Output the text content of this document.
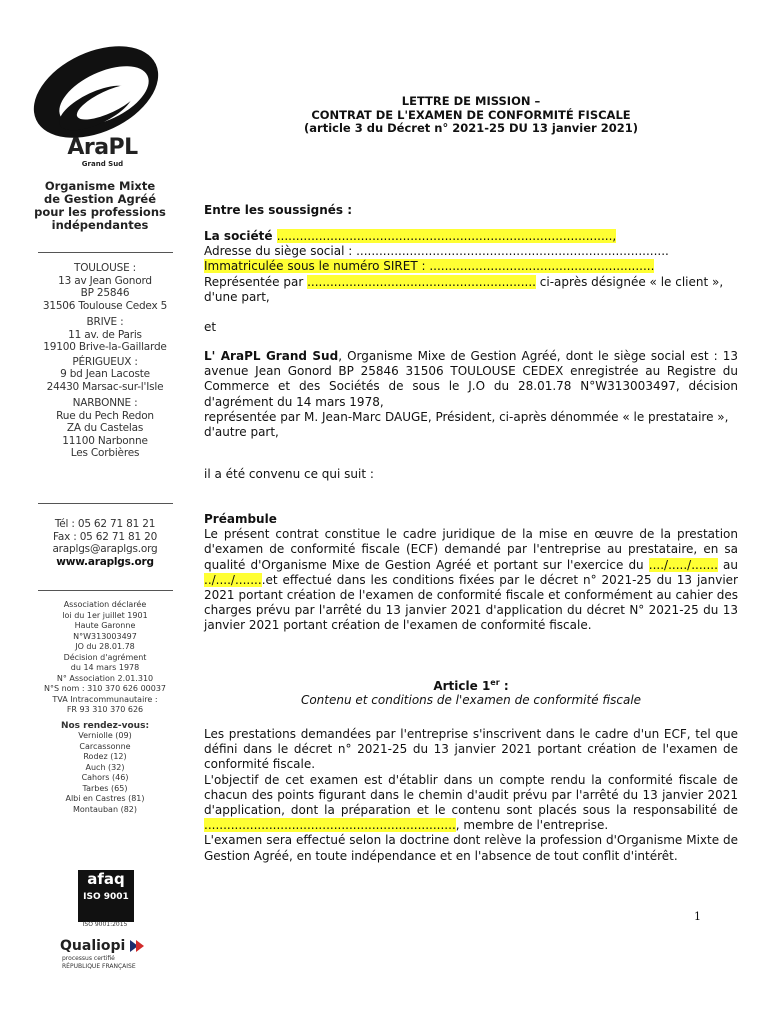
AraPL
Grand Sud
Organisme Mixte
de Gestion Agréé
pour les professions
indépendantes
TOULOUSE :
13 av Jean Gonord
BP 25846
31506 Toulouse Cedex 5
BRIVE :
11 av. de Paris
19100 Brive-la-Gaillarde
PÉRIGUEUX :
9 bd Jean Lacoste
24430 Marsac-sur-l'Isle
NARBONNE :
Rue du Pech Redon
ZA du Castelas
11100 Narbonne
Les Corbières
Tél : 05 62 71 81 21
Fax : 05 62 71 81 20
araplgs@araplgs.org
www.araplgs.org
Association déclarée
loi du 1er juillet 1901
Haute Garonne
N°W313003497
JO du 28.01.78
Décision d'agrément
du 14 mars 1978
N° Association 2.01.310
N°S nom : 310 370 626 00037
TVA Intracommunautaire :
FR 93 310 370 626
Nos rendez-vous:
Verniolle (09)
Carcassonne
Rodez (12)
Auch (32)
Cahors (46)
Tarbes (65)
Albi en Castres (81)
Montauban (82)
afaq
ISO 9001
ISO 9001:2015
Qualiopi
processus certifié
RÉPUBLIQUE FRANÇAISE
LETTRE DE MISSION –
CONTRAT DE L'EXAMEN DE CONFORMITÉ FISCALE
(article 3 du Décret n° 2021-25 DU 13 janvier 2021)
Entre les soussignés :
La société ........................................................................................,
Adresse du siège social : ..................................................................................
Immatriculée sous le numéro SIRET : ...........................................................
Représentée par ............................................................ ci-après désignée « le client », d'une part,
et
L' AraPL Grand Sud, Organisme Mixe de Gestion Agréé, dont le siège social est : 13 avenue Jean Gonord BP 25846 31506 TOULOUSE CEDEX enregistrée au Registre du Commerce et des Sociétés de sous le J.O du 28.01.78 N°W313003497, décision d'agrément du 14 mars 1978,
représentée par M. Jean-Marc DAUGE, Président, ci-après dénommée « le prestataire »,
d'autre part,
il a été convenu ce qui suit :
Préambule
Le présent contrat constitue le cadre juridique de la mise en œuvre de la prestation d'examen de conformité fiscale (ECF) demandé par l'entreprise au prestataire, en sa qualité d'Organisme Mixe de Gestion Agréé et portant sur l'exercice du ..../...../....... au ../..../........et effectué dans les conditions fixées par le décret n° 2021-25 du 13 janvier 2021 portant création de l'examen de conformité fiscale et conformément au cahier des charges prévu par l'arrêté du 13 janvier 2021 d'application du décret N° 2021-25 du 13 janvier 2021 portant création de l'examen de conformité fiscale.
Article 1er :
Contenu et conditions de l'examen de conformité fiscale
Les prestations demandées par l'entreprise s'inscrivent dans le cadre d'un ECF, tel que défini dans le décret n° 2021-25 du 13 janvier 2021 portant création de l'examen de conformité fiscale.
L'objectif de cet examen est d'établir dans un compte rendu la conformité fiscale de chacun des points figurant dans le chemin d'audit prévu par l'arrêté du 13 janvier 2021 d'application, dont la préparation et le contenu sont placés sous la responsabilité de .................................................................., membre de l'entreprise.
L'examen sera effectué selon la doctrine dont relève la profession d'Organisme Mixte de Gestion Agréé, en toute indépendance et en l'absence de tout conflit d'intérêt.
1
